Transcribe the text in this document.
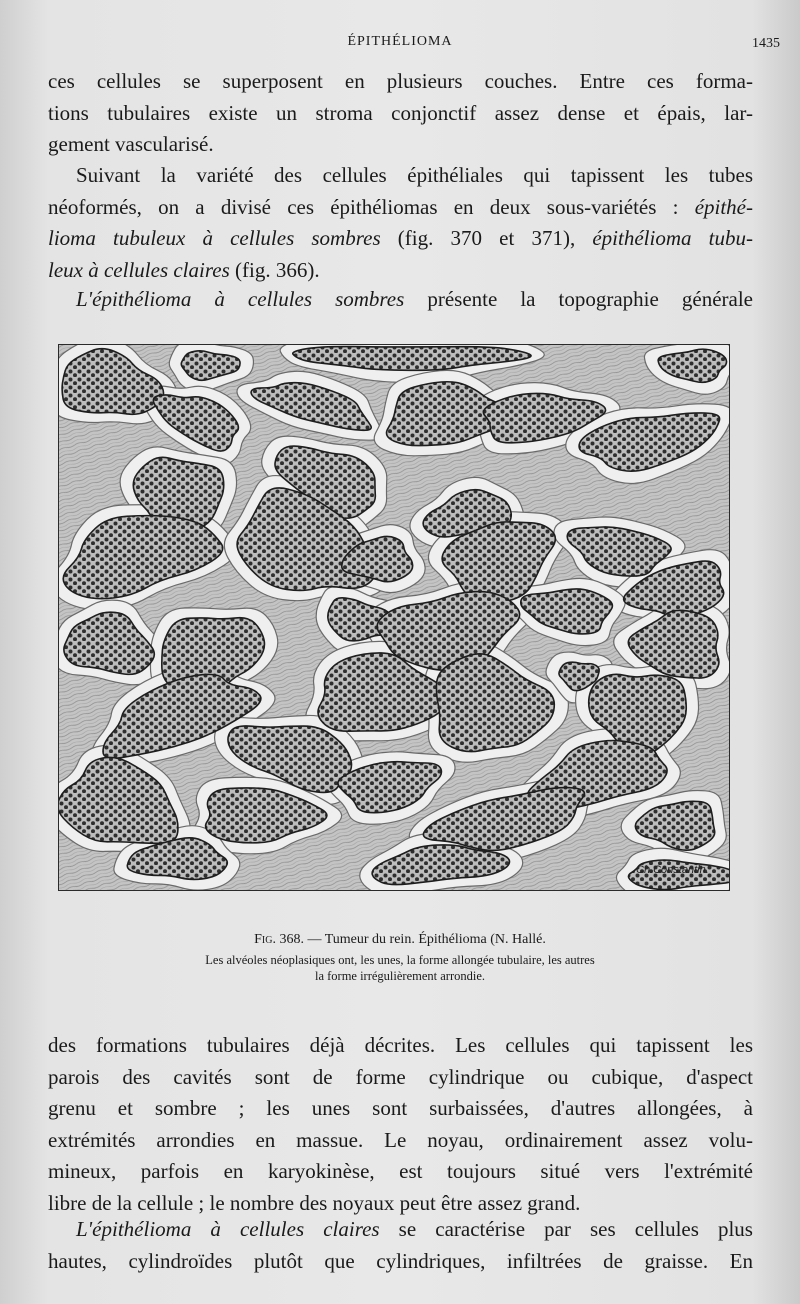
ÉPITHÉLIOMA	1435

ces cellules se superposent en plusieurs couches. Entre ces forma-
tions tubulaires existe un stroma conjonctif assez dense et épais, lar-
gement vascularisé.

Suivant la variété des cellules épithéliales qui tapissent les tubes
néoformés, on a divisé ces épithéliomas en deux sous-variétés : épithé-
lioma tubuleux à cellules sombres (fig. 370 et 371), épithélioma tubu-
leux à cellules claires (fig. 366).

L'épithélioma à cellules sombres présente la topographie générale

Ch.Constantin.
Fig. 368. — Tumeur du rein. Épithélioma (N. Hallé.
Les alvéoles néoplasiques ont, les unes, la forme allongée tubulaire, les autres
la forme irrégulièrement arrondie.

des formations tubulaires déjà décrites. Les cellules qui tapissent les
parois des cavités sont de forme cylindrique ou cubique, d'aspect
grenu et sombre ; les unes sont surbaissées, d'autres allongées, à
extrémités arrondies en massue. Le noyau, ordinairement assez volu-
mineux, parfois en karyokinèse, est toujours situé vers l'extrémité
libre de la cellule ; le nombre des noyaux peut être assez grand.

L'épithélioma à cellules claires se caractérise par ses cellules plus
hautes, cylindroïdes plutôt que cylindriques, infiltrées de graisse. En
